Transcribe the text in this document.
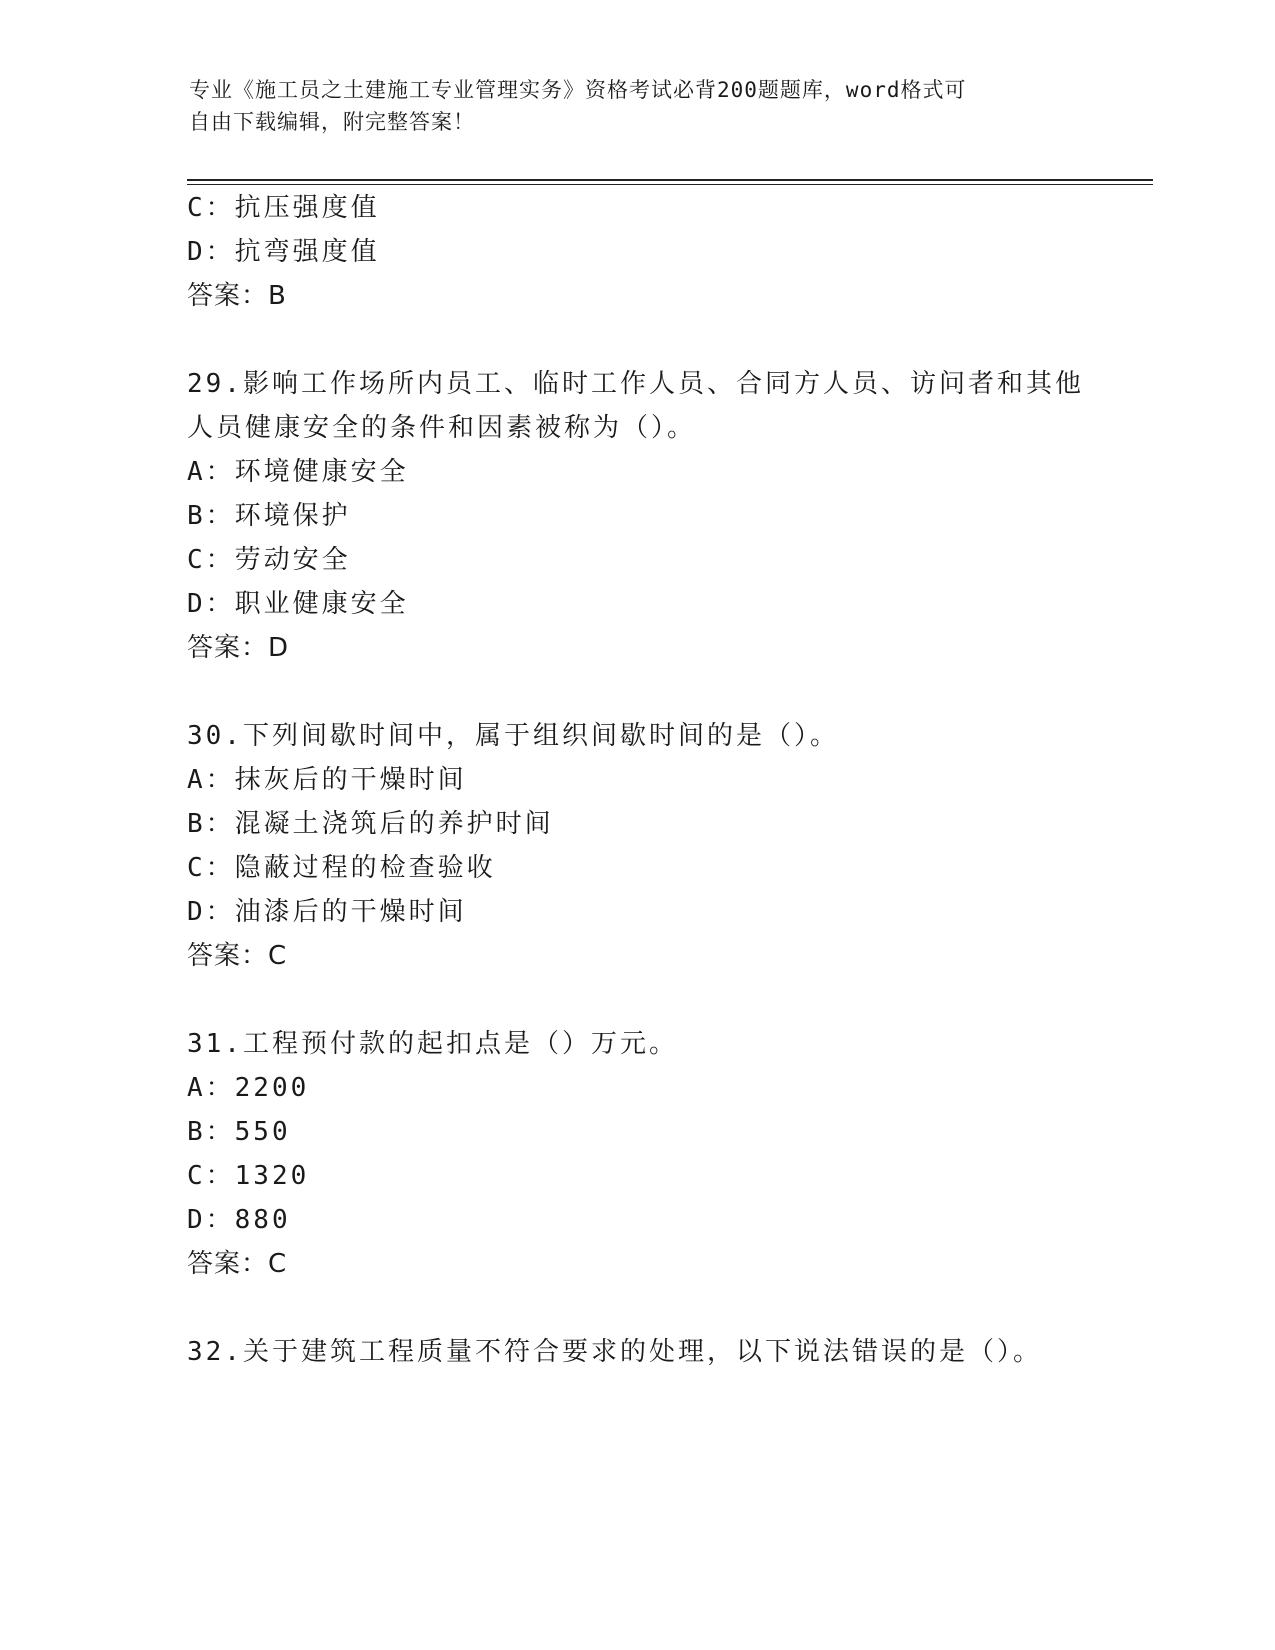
专业《施工员之土建施工专业管理实务》资格考试必背200题题库，word格式可
自由下载编辑，附完整答案！
C：抗压强度值
D：抗弯强度值
答案：B
29.影响工作场所内员工、临时工作人员、合同方人员、访问者和其他
人员健康安全的条件和因素被称为（）。
A：环境健康安全
B：环境保护
C：劳动安全
D：职业健康安全
答案：D
30.下列间歇时间中，属于组织间歇时间的是（）。
A：抹灰后的干燥时间
B：混凝土浇筑后的养护时间
C：隐蔽过程的检查验收
D：油漆后的干燥时间
答案：C
31.工程预付款的起扣点是（）万元。
A：2200
B：550
C：1320
D：880
答案：C
32.关于建筑工程质量不符合要求的处理，以下说法错误的是（）。
